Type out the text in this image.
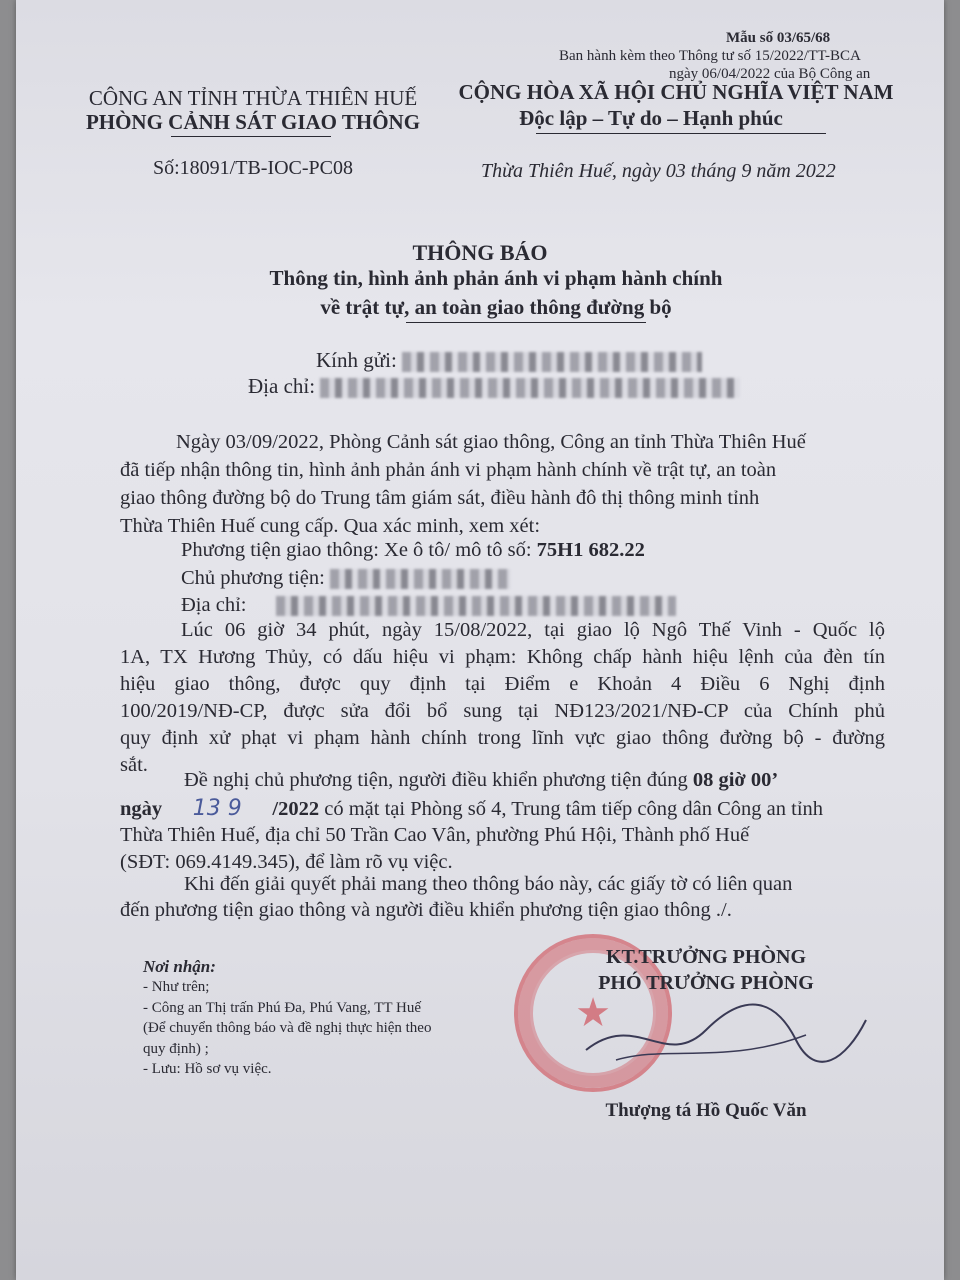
Mẫu số 03/65/68
Ban hành kèm theo Thông tư số 15/2022/TT-BCA
ngày 06/04/2022 của Bộ Công an
CÔNG AN TỈNH THỪA THIÊN HUẾ
PHÒNG CẢNH SÁT GIAO THÔNG
Số:18091/TB-IOC-PC08
CỘNG HÒA XÃ HỘI CHỦ NGHĨA VIỆT NAM
Độc lập – Tự do – Hạnh phúc
Thừa Thiên Huế, ngày 03 tháng 9 năm 2022
THÔNG BÁO
Thông tin, hình ảnh phản ánh vi phạm hành chính
về trật tự, an toàn giao thông đường bộ
Kính gửi:
Địa chỉ:
Ngày 03/09/2022, Phòng Cảnh sát giao thông, Công an tỉnh Thừa Thiên Huế
đã tiếp nhận thông tin, hình ảnh phản ánh vi phạm hành chính về trật tự, an toàn
giao thông đường bộ do Trung tâm giám sát, điều hành đô thị thông minh tỉnh
Thừa Thiên Huế cung cấp. Qua xác minh, xem xét:
Phương tiện giao thông: Xe ô tô/ mô tô số: 75H1 682.22
Chủ phương tiện:
Địa chỉ:
Lúc 06 giờ 34 phút, ngày 15/08/2022, tại giao lộ Ngô Thế Vinh - Quốc lộ
1A, TX Hương Thủy, có dấu hiệu vi phạm: Không chấp hành hiệu lệnh của đèn tín
hiệu giao thông, được quy định tại Điểm e Khoản 4 Điều 6 Nghị định
100/2019/NĐ-CP, được sửa đổi bổ sung tại NĐ123/2021/NĐ-CP của Chính phủ
quy định xử phạt vi phạm hành chính trong lĩnh vực giao thông đường bộ - đường
sắt.
Đề nghị chủ phương tiện, người điều khiển phương tiện đúng 08 giờ 00’
ngày 13 9 /2022 có mặt tại Phòng số 4, Trung tâm tiếp công dân Công an tỉnh
Thừa Thiên Huế, địa chỉ 50 Trần Cao Vân, phường Phú Hội, Thành phố Huế
(SĐT: 069.4149.345), để làm rõ vụ việc.
Khi đến giải quyết phải mang theo thông báo này, các giấy tờ có liên quan
đến phương tiện giao thông và người điều khiển phương tiện giao thông ./.
Nơi nhận:
- Như trên;
- Công an Thị trấn Phú Đa, Phú Vang, TT Huế
(Để chuyển thông báo và đề nghị thực hiện theo
quy định) ;
- Lưu: Hồ sơ vụ việc.
★
KT.TRƯỞNG PHÒNG
PHÓ TRƯỞNG PHÒNG
Thượng tá Hồ Quốc Văn
